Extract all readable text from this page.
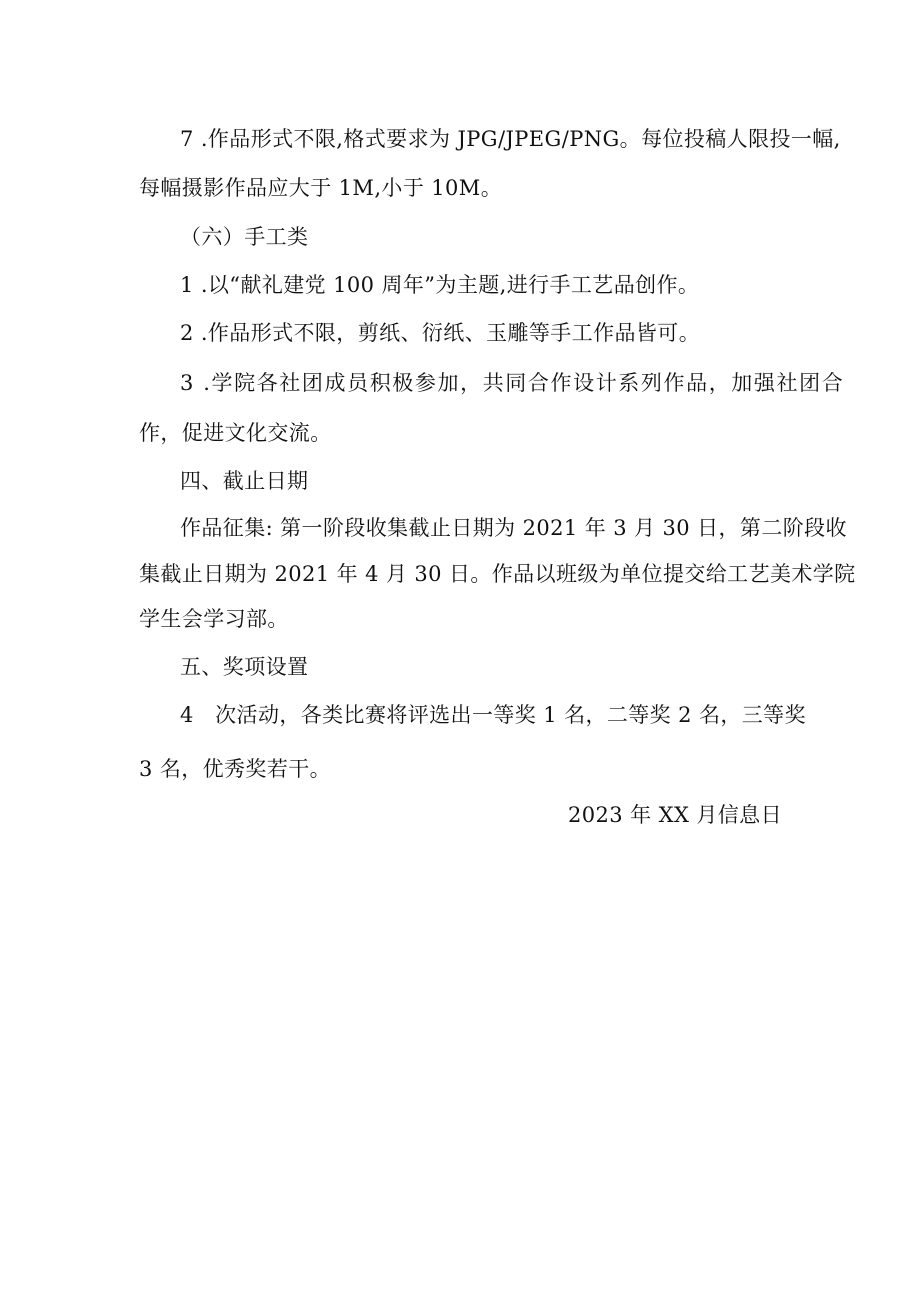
7 .作品形式不限,格式要求为 JPG/JPEG/PNG。每位投稿人限投一幅,
每幅摄影作品应大于 1M,小于 10M。
（六）手工类
1 .以“献礼建党 100 周年”为主题,进行手工艺品创作。
2 .作品形式不限，剪纸、衍纸、玉雕等手工作品皆可。
3 .学院各社团成员积极参加，共同合作设计系列作品，加强社团合
作，促进文化交流。
四、截止日期
作品征集: 第一阶段收集截止日期为 2021 年 3 月 30 日，第二阶段收
集截止日期为 2021 年 4 月 30 日。作品以班级为单位提交给工艺美术学院
学生会学习部。
五、奖项设置
4　次活动，各类比赛将评选出一等奖 1 名，二等奖 2 名，三等奖
3 名，优秀奖若干。
2023 年 XX 月信息日
